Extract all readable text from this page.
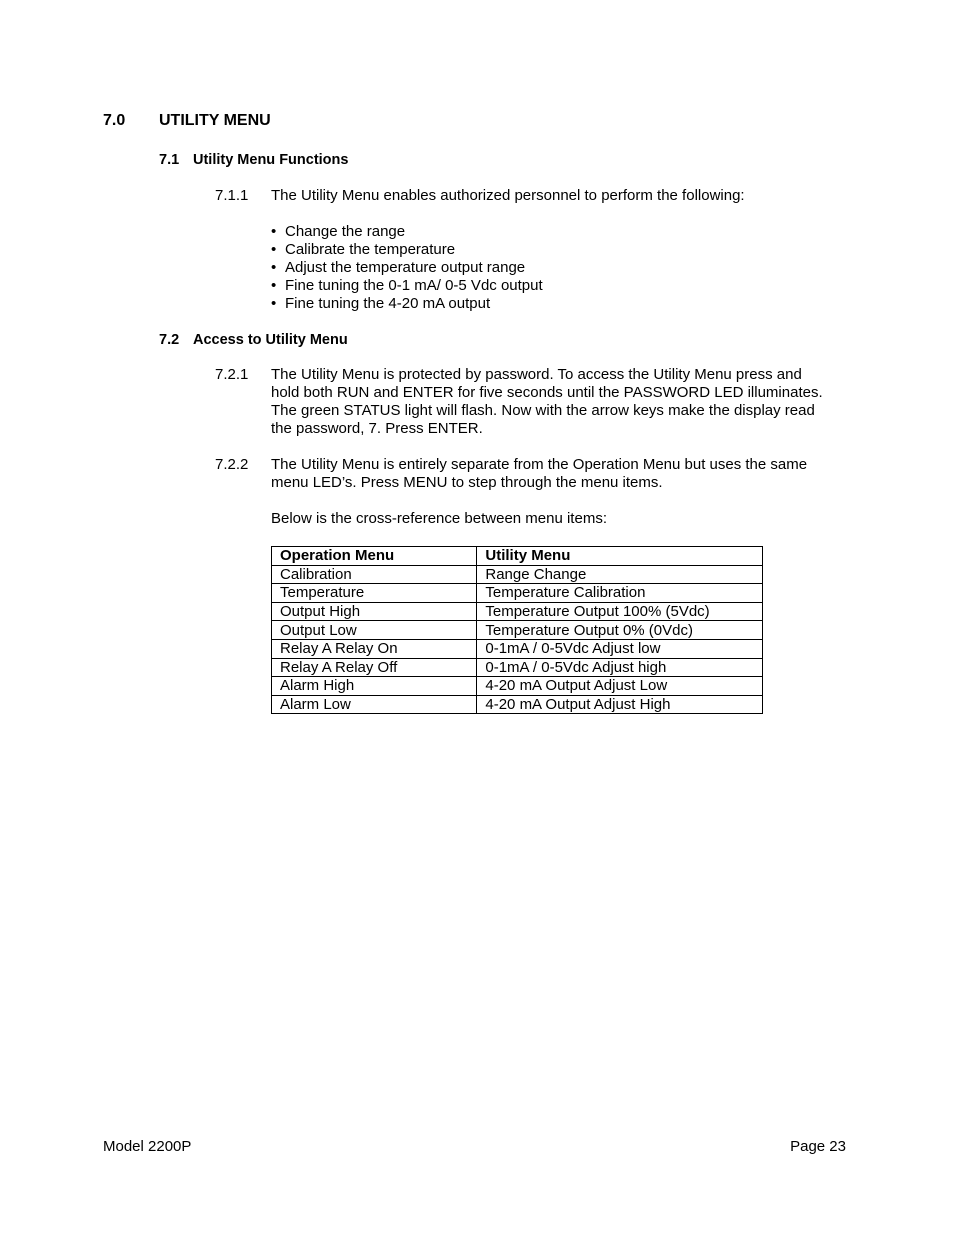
7.0 UTILITY MENU
7.1 Utility Menu Functions
7.1.1 The Utility Menu enables authorized personnel to perform the following:
• Change the range
• Calibrate the temperature
• Adjust the temperature output range
• Fine tuning the 0-1 mA/ 0-5 Vdc output
• Fine tuning the 4-20 mA output
7.2 Access to Utility Menu
7.2.1 The Utility Menu is protected by password. To access the Utility Menu press and
hold both RUN and ENTER for five seconds until the PASSWORD LED illuminates.
The green STATUS light will flash. Now with the arrow keys make the display read
the password, 7. Press ENTER.
7.2.2 The Utility Menu is entirely separate from the Operation Menu but uses the same
menu LED’s. Press MENU to step through the menu items.
Below is the cross-reference between menu items:
Operation Menu	Utility Menu
Calibration	Range Change
Temperature	Temperature Calibration
Output High	Temperature Output 100% (5Vdc)
Output Low	Temperature Output 0% (0Vdc)
Relay A Relay On	0-1mA / 0-5Vdc Adjust low
Relay A Relay Off	0-1mA / 0-5Vdc Adjust high
Alarm High	4-20 mA Output Adjust Low
Alarm Low	4-20 mA Output Adjust High
Model 2200P	Page 23
